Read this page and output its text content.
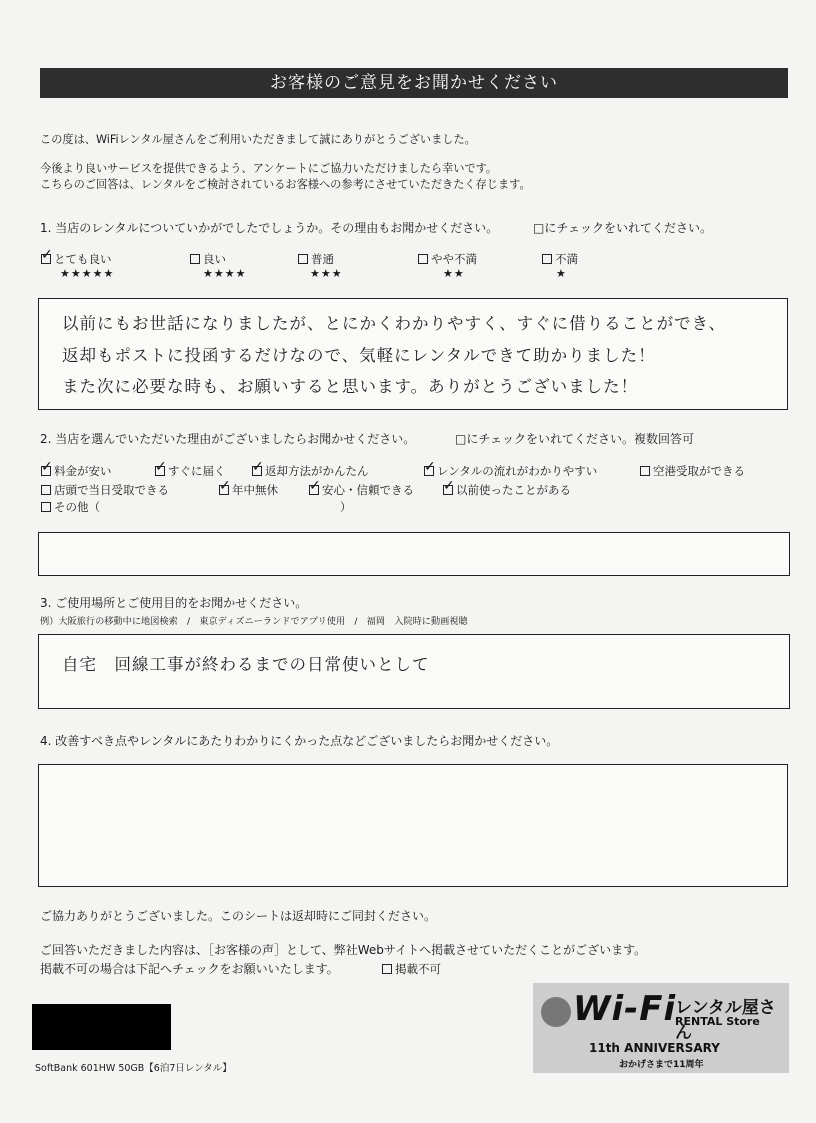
お客様のご意見をお聞かせください
この度は、WiFiレンタル屋さんをご利用いただきまして誠にありがとうございました。
今後より良いサービスを提供できるよう、アンケートにご協力いただけましたら幸いです。
こちらのご回答は、レンタルをご検討されているお客様への参考にさせていただきたく存じます。
1. 当店のレンタルについていかがでしたでしょうか。その理由もお聞かせください。	□にチェックをいれてください。
✓とても良い
★★★★★
良い
★★★★
普通
★★★
やや不満
★★
不満
★
以前にもお世話になりましたが、とにかくわかりやすく、すぐに借りることができ、
返却もポストに投函するだけなので、気軽にレンタルできて助かりました！
また次に必要な時も、お願いすると思います。ありがとうございました！
2. 当店を選んでいただいた理由がございましたらお聞かせください。	□にチェックをいれてください。複数回答可
✓料金が安い ✓	すぐに届く ✓	返却方法がかんたん ✓	レンタルの流れがわかりやすい	空港受取ができる
店頭で当日受取できる ✓	年中無休 ✓	安心・信頼できる ✓	以前使ったことがある
その他（	）
3. ご使用場所とご使用目的をお聞かせください。
例）大阪旅行の移動中に地図検索　/　東京ディズニーランドでアプリ使用　/　福岡　入院時に動画視聴
自宅　回線工事が終わるまでの日常使いとして
4. 改善すべき点やレンタルにあたりわかりにくかった点などございましたらお聞かせください。
ご協力ありがとうございました。このシートは返却時にご同封ください。
ご回答いただきました内容は、［お客様の声］として、弊社Webサイトへ掲載させていただくことがございます。
掲載不可の場合は下記へチェックをお願いいたします。	掲載不可
SoftBank 601HW 50GB【6泊7日レンタル】
Wi-Fi
レンタル屋さん
RENTAL Store
11th ANNIVERSARY
おかげさまで11周年
